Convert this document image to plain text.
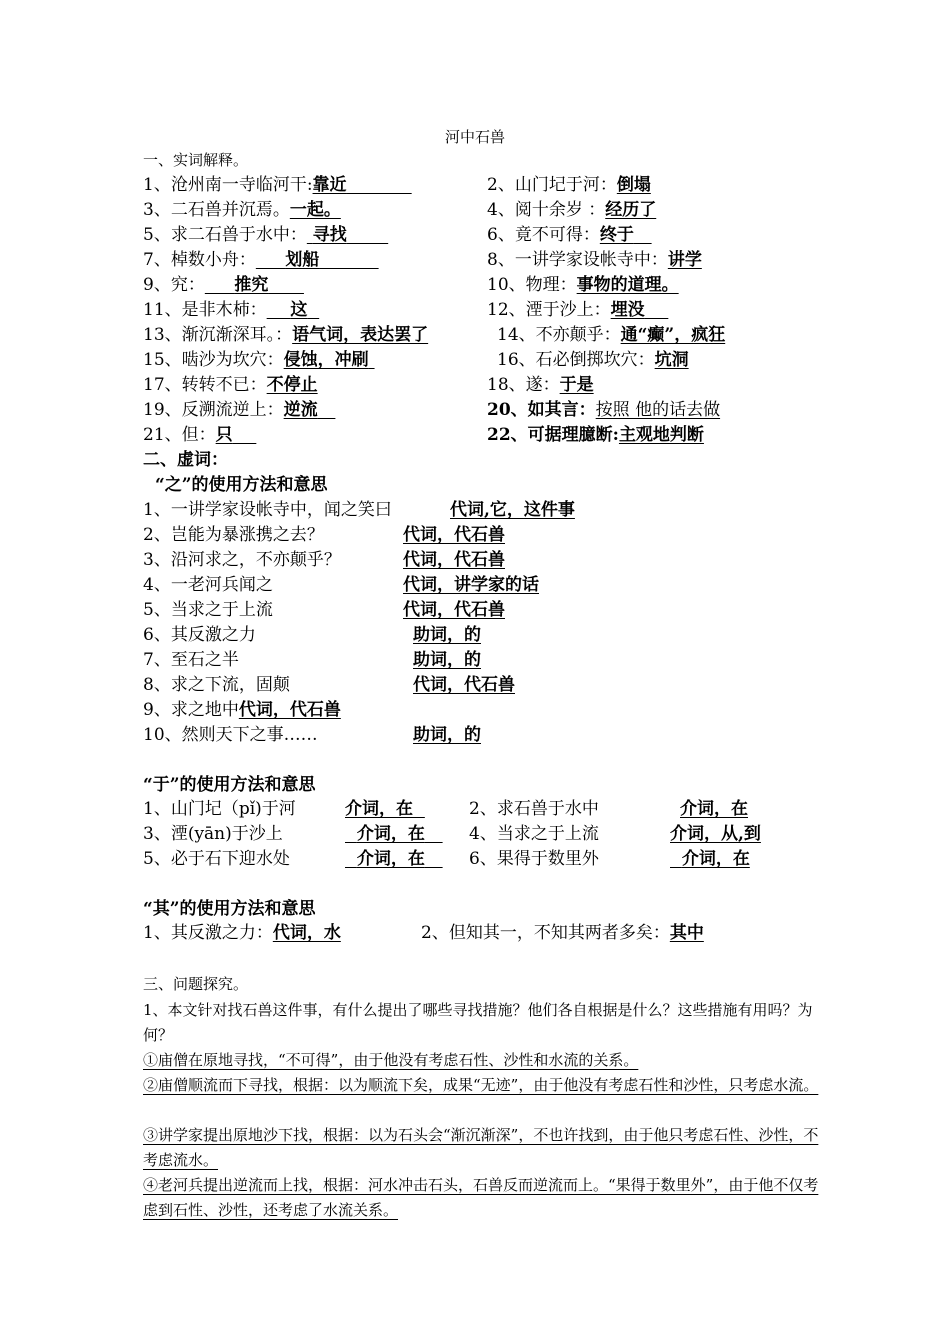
河中石兽
一、实词解释。
1、沧州南一寺临河干:靠近	2、山门圮于河：倒塌
3、二石兽并沉焉。一起。	4、阅十余岁 ：经历了
5、求二石兽于水中： 寻找	6、竟不可得：终于
7、棹数小舟： 划船	8、一讲学家设帐寺中：讲学
9、究： 推究	10、物理：事物的道理。
11、是非木杮： 这	12、湮于沙上：埋没
13、渐沉渐深耳。：语气词，表达罢了	14、不亦颠乎：通“癫”，疯狂
15、啮沙为坎穴：侵蚀，冲刷	16、石必倒掷坎穴：坑洞
17、转转不已：不停止	18、遂：于是
19、反溯流逆上：逆流	20、如其言：按照 他的话去做
21、但：只	22、可据理臆断:主观地判断
二、虚词：
“之”的使用方法和意思
1、一讲学家设帐寺中，闻之笑曰	代词,它，这件事
2、岂能为暴涨携之去？	代词，代石兽
3、沿河求之，不亦颠乎？	代词，代石兽
4、一老河兵闻之	代词，讲学家的话
5、当求之于上流	代词，代石兽
6、其反激之力	助词，的
7、至石之半	助词，的
8、求之下流，固颠	代词，代石兽
9、求之地中代词，代石兽
10、然则天下之事……	助词，的
“于”的使用方法和意思
1、山门圮（pǐ)于河	介词，在	2、求石兽于水中	介词，在
3、湮(yān)于沙上	介词，在	4、当求之于上流	介词，从,到
5、必于石下迎水处	介词，在	6、果得于数里外	介词，在
“其”的使用方法和意思
1、其反激之力：代词，水	2、但知其一，不知其两者多矣：其中
三、问题探究。
1、本文针对找石兽这件事，有什么提出了哪些寻找措施？他们各自根据是什么？这些措施有用吗？为何？
①庙僧在原地寻找，“不可得”，由于他没有考虑石性、沙性和水流的关系。
②庙僧顺流而下寻找，根据：以为顺流下矣，成果“无迹”，由于他没有考虑石性和沙性，只考虑水流。
③讲学家提出原地沙下找，根据：以为石头会“渐沉渐深”，不也许找到，由于他只考虑石性、沙性，不考虑流水。
④老河兵提出逆流而上找，根据：河水冲击石头，石兽反而逆流而上。“果得于数里外”，由于他不仅考虑到石性、沙性，还考虑了水流关系。
